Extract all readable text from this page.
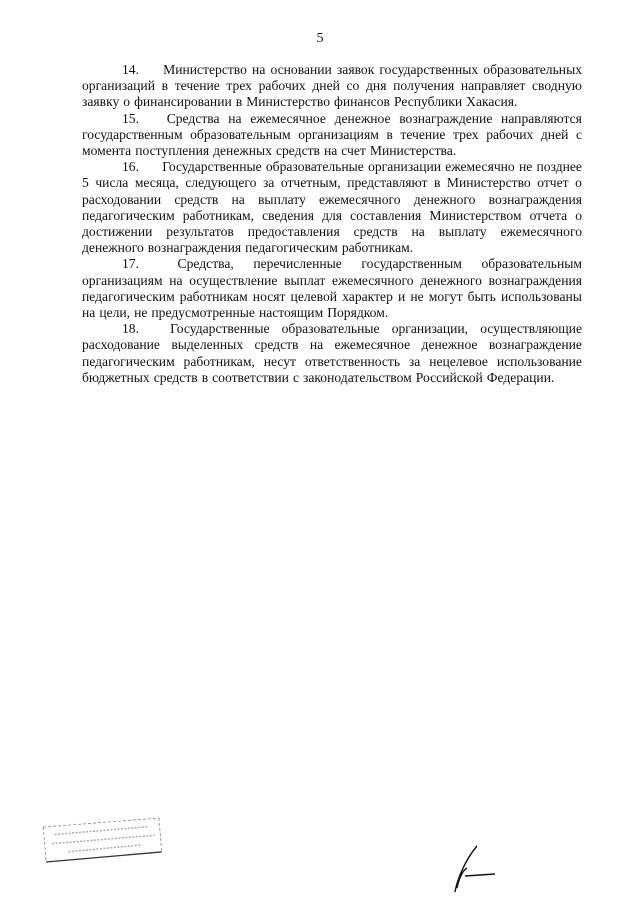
5
14.	Министерство на основании заявок государственных образовательных
организаций в течение трех рабочих дней со дня получения направляет сводную
заявку о финансировании в Министерство финансов Республики Хакасия.
15.	Средства на ежемесячное денежное вознаграждение направляются
государственным образовательным организациям в течение трех рабочих дней с
момента поступления денежных средств на счет Министерства.
16.	Государственные образовательные организации ежемесячно не позднее
5 числа месяца, следующего за отчетным, представляют в Министерство отчет о
расходовании средств на выплату ежемесячного денежного вознаграждения
педагогическим работникам, сведения для составления Министерством отчета о
достижении результатов предоставления средств на выплату ежемесячного
денежного вознаграждения педагогическим работникам.
17.	Средства, перечисленные государственным образовательным
организациям на осуществление выплат ежемесячного денежного вознаграждения
педагогическим работникам носят целевой характер и не могут быть использованы
на цели, не предусмотренные настоящим Порядком.
18.	Государственные образовательные организации, осуществляющие
расходование выделенных средств на ежемесячное денежное вознаграждение
педагогическим работникам, несут ответственность за нецелевое использование
бюджетных средств в соответствии с законодательством Российской Федерации.
